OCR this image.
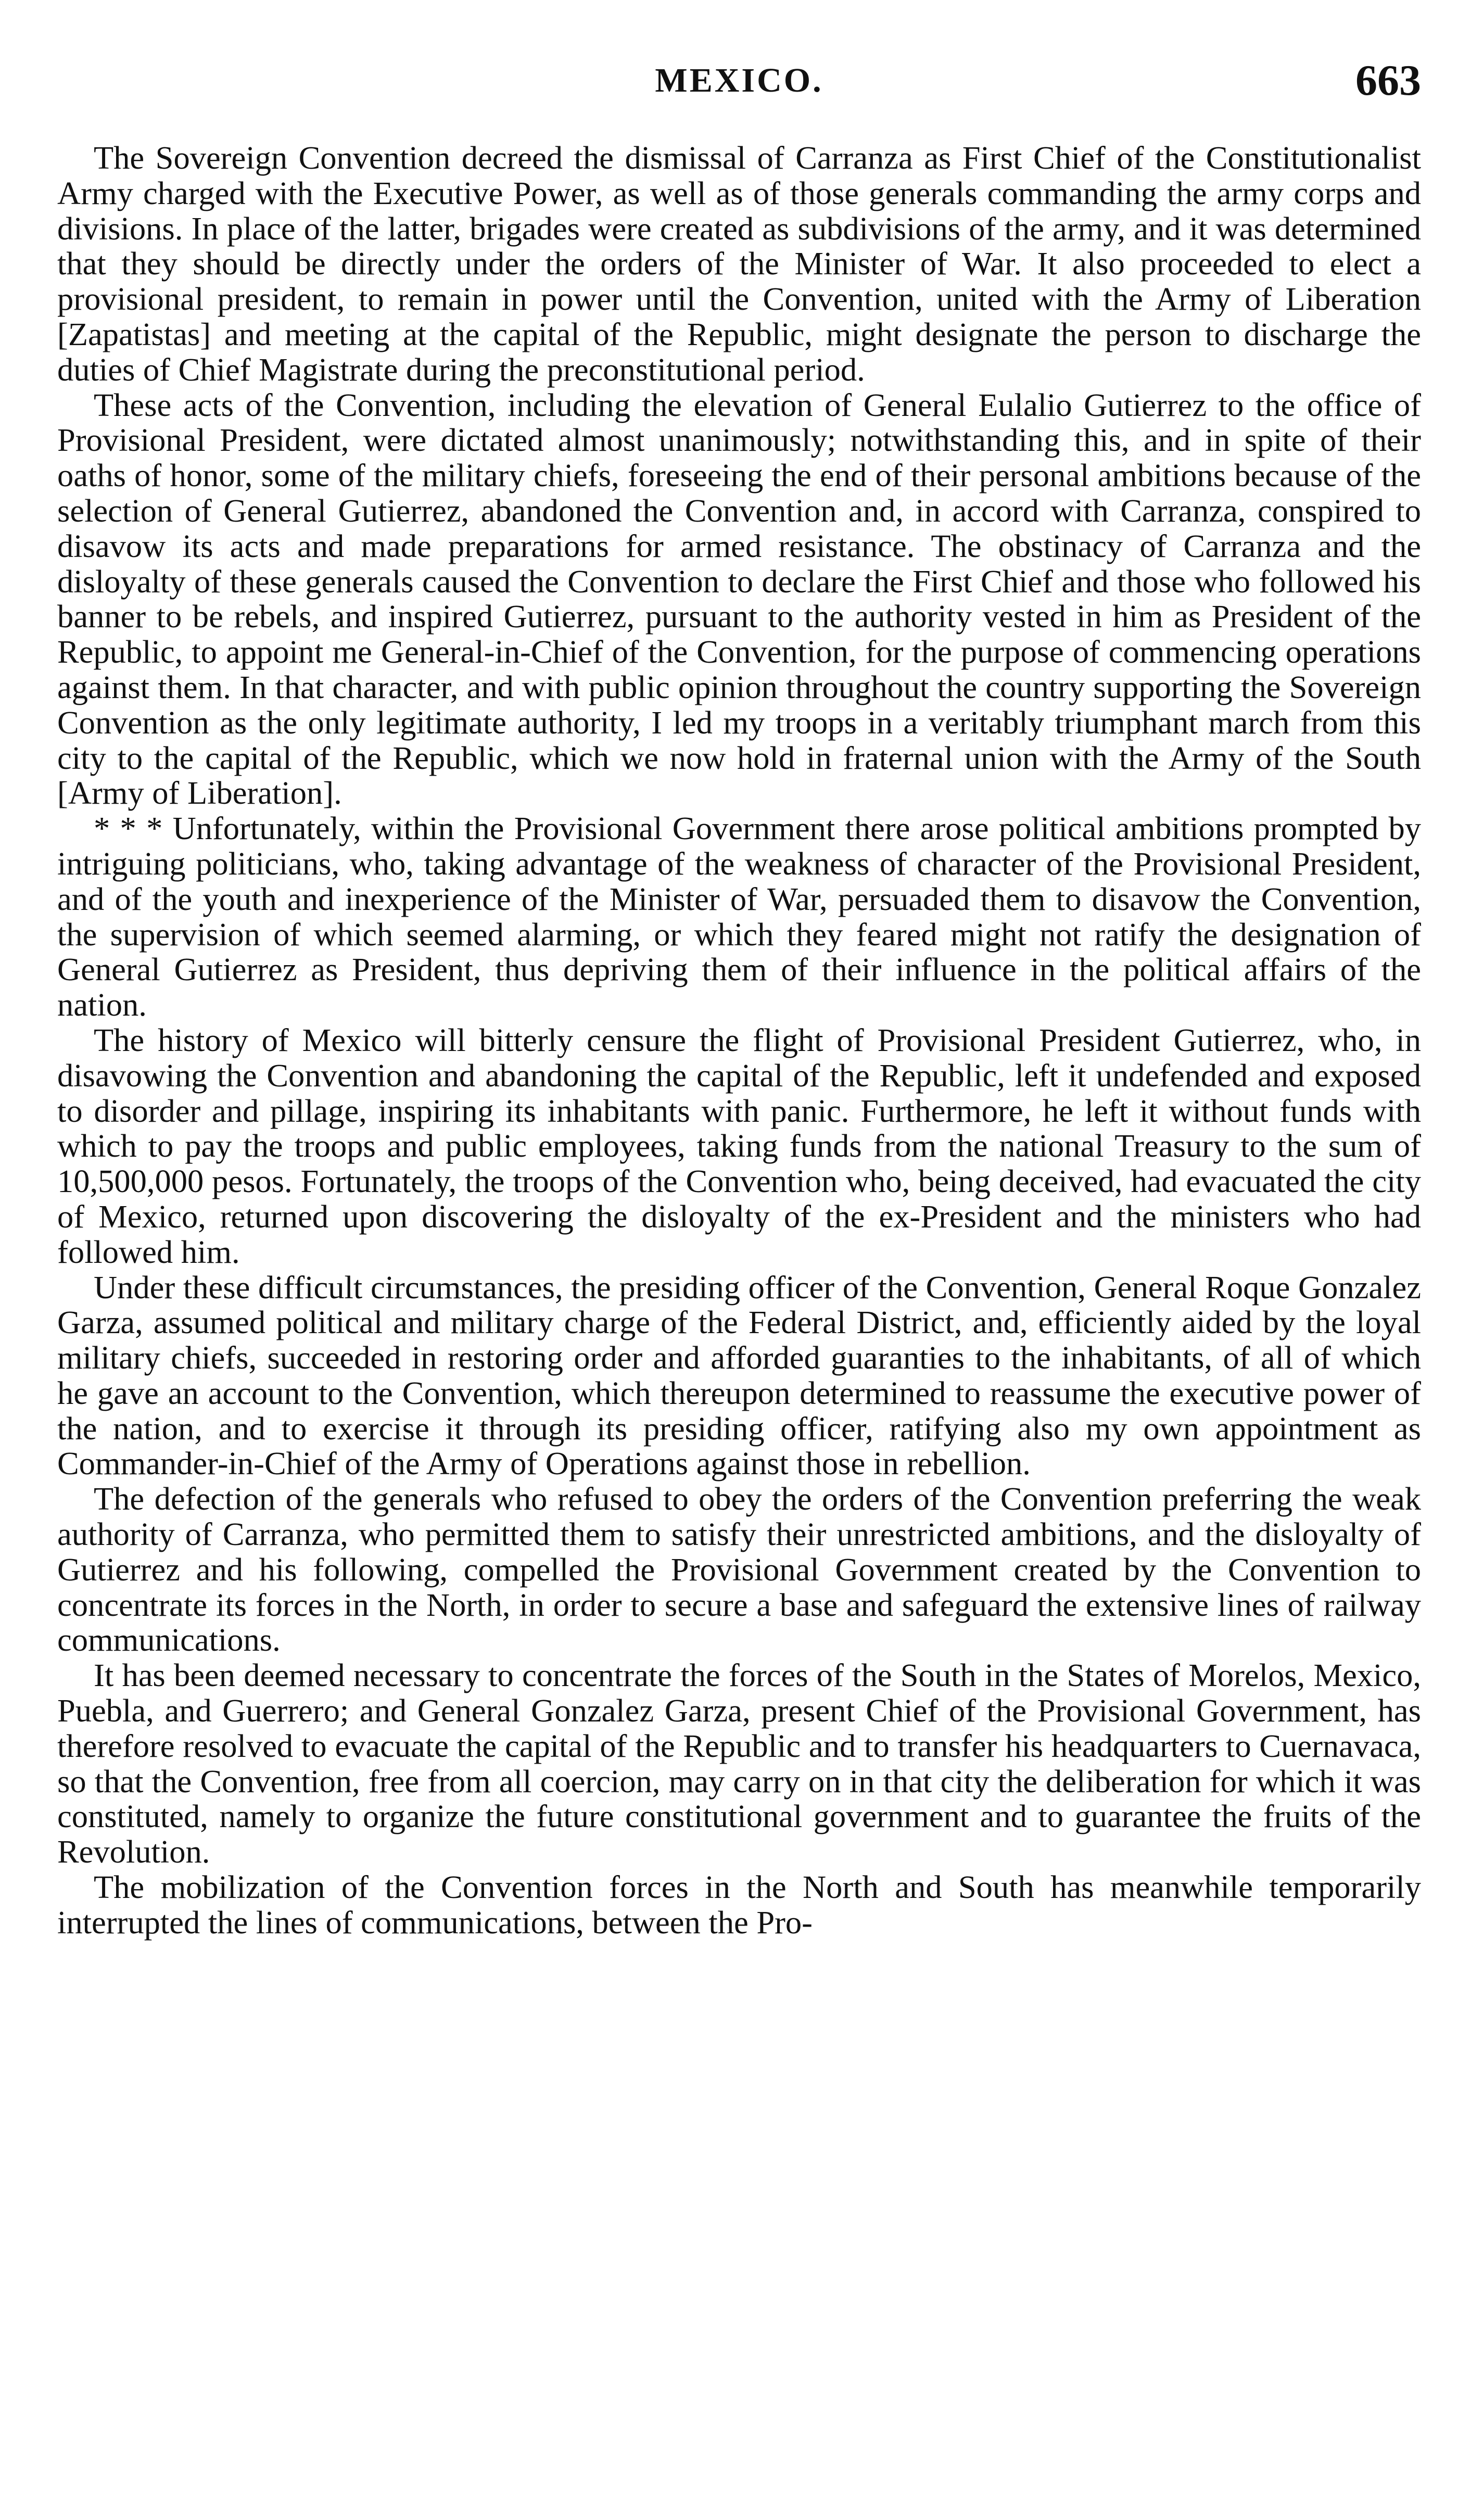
MEXICO.	663

The Sovereign Convention decreed the dismissal of Carranza as First Chief of the Constitutionalist Army charged with the Executive Power, as well as of those generals commanding the army corps and divisions. In place of the latter, brigades were created as subdivisions of the army, and it was determined that they should be directly under the orders of the Minister of War. It also proceeded to elect a provisional president, to remain in power until the Convention, united with the Army of Liberation [Zapatistas] and meeting at the capital of the Republic, might designate the person to discharge the duties of Chief Magistrate during the preconstitutional period.

These acts of the Convention, including the elevation of General Eulalio Gutierrez to the office of Provisional President, were dictated almost unanimously; notwithstanding this, and in spite of their oaths of honor, some of the military chiefs, foreseeing the end of their personal ambitions because of the selection of General Gutierrez, abandoned the Convention and, in accord with Carranza, conspired to disavow its acts and made preparations for armed resistance. The obstinacy of Carranza and the disloyalty of these generals caused the Convention to declare the First Chief and those who followed his banner to be rebels, and inspired Gutierrez, pursuant to the authority vested in him as President of the Republic, to appoint me General-in-Chief of the Convention, for the purpose of commencing operations against them. In that character, and with public opinion throughout the country supporting the Sovereign Convention as the only legitimate authority, I led my troops in a veritably triumphant march from this city to the capital of the Republic, which we now hold in fraternal union with the Army of the South [Army of Liberation].

* * * Unfortunately, within the Provisional Government there arose political ambitions prompted by intriguing politicians, who, taking advantage of the weakness of character of the Provisional President, and of the youth and inexperience of the Minister of War, persuaded them to disavow the Convention, the supervision of which seemed alarming, or which they feared might not ratify the designation of General Gutierrez as President, thus depriving them of their influence in the political affairs of the nation.

The history of Mexico will bitterly censure the flight of Provisional President Gutierrez, who, in disavowing the Convention and abandoning the capital of the Republic, left it undefended and exposed to disorder and pillage, inspiring its inhabitants with panic. Furthermore, he left it without funds with which to pay the troops and public employees, taking funds from the national Treasury to the sum of 10,500,000 pesos. Fortunately, the troops of the Convention who, being deceived, had evacuated the city of Mexico, returned upon discovering the disloyalty of the ex-President and the ministers who had followed him.

Under these difficult circumstances, the presiding officer of the Convention, General Roque Gonzalez Garza, assumed political and military charge of the Federal District, and, efficiently aided by the loyal military chiefs, succeeded in restoring order and afforded guaranties to the inhabitants, of all of which he gave an account to the Convention, which thereupon determined to reassume the executive power of the nation, and to exercise it through its presiding officer, ratifying also my own appointment as Commander-in-Chief of the Army of Operations against those in rebellion.

The defection of the generals who refused to obey the orders of the Convention preferring the weak authority of Carranza, who permitted them to satisfy their unrestricted ambitions, and the disloyalty of Gutierrez and his following, compelled the Provisional Government created by the Convention to concentrate its forces in the North, in order to secure a base and safeguard the extensive lines of railway communications.

It has been deemed necessary to concentrate the forces of the South in the States of Morelos, Mexico, Puebla, and Guerrero; and General Gonzalez Garza, present Chief of the Provisional Government, has therefore resolved to evacuate the capital of the Republic and to transfer his headquarters to Cuernavaca, so that the Convention, free from all coercion, may carry on in that city the deliberation for which it was constituted, namely to organize the future constitutional government and to guarantee the fruits of the Revolution.

The mobilization of the Convention forces in the North and South has meanwhile temporarily interrupted the lines of communications, between the Pro-
